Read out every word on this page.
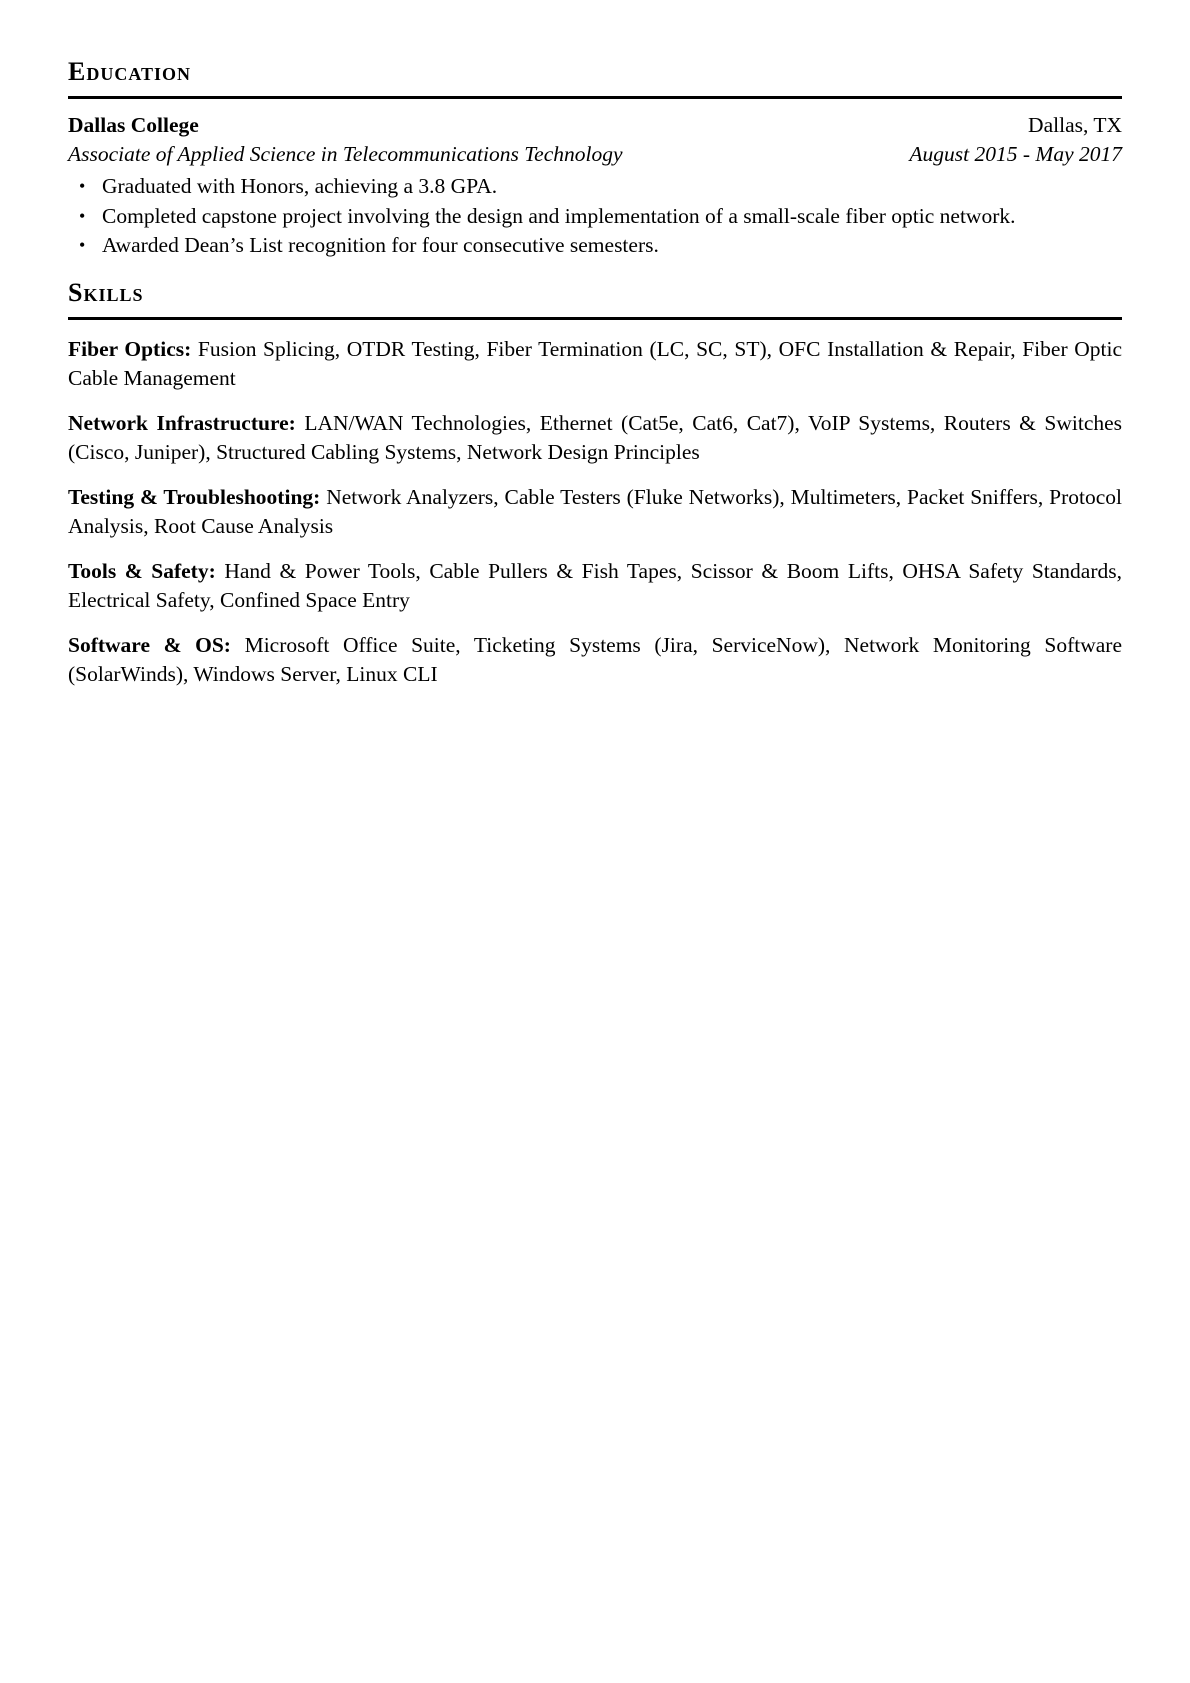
Education
Dallas College	Dallas, TX
Associate of Applied Science in Telecommunications Technology	August 2015 - May 2017
• Graduated with Honors, achieving a 3.8 GPA.
• Completed capstone project involving the design and implementation of a small-scale fiber optic network.
• Awarded Dean’s List recognition for four consecutive semesters.
Skills

Fiber Optics: Fusion Splicing, OTDR Testing, Fiber Termination (LC, SC, ST), OFC Installation & Repair, Fiber Optic Cable Management

Network Infrastructure: LAN/WAN Technologies, Ethernet (Cat5e, Cat6, Cat7), VoIP Systems, Routers & Switches (Cisco, Juniper), Structured Cabling Systems, Network Design Principles

Testing & Troubleshooting: Network Analyzers, Cable Testers (Fluke Networks), Multimeters, Packet Sniffers, Protocol Analysis, Root Cause Analysis

Tools & Safety: Hand & Power Tools, Cable Pullers & Fish Tapes, Scissor & Boom Lifts, OHSA Safety Standards, Electrical Safety, Confined Space Entry

Software & OS: Microsoft Office Suite, Ticketing Systems (Jira, ServiceNow), Network Monitoring Software (SolarWinds), Windows Server, Linux CLI
